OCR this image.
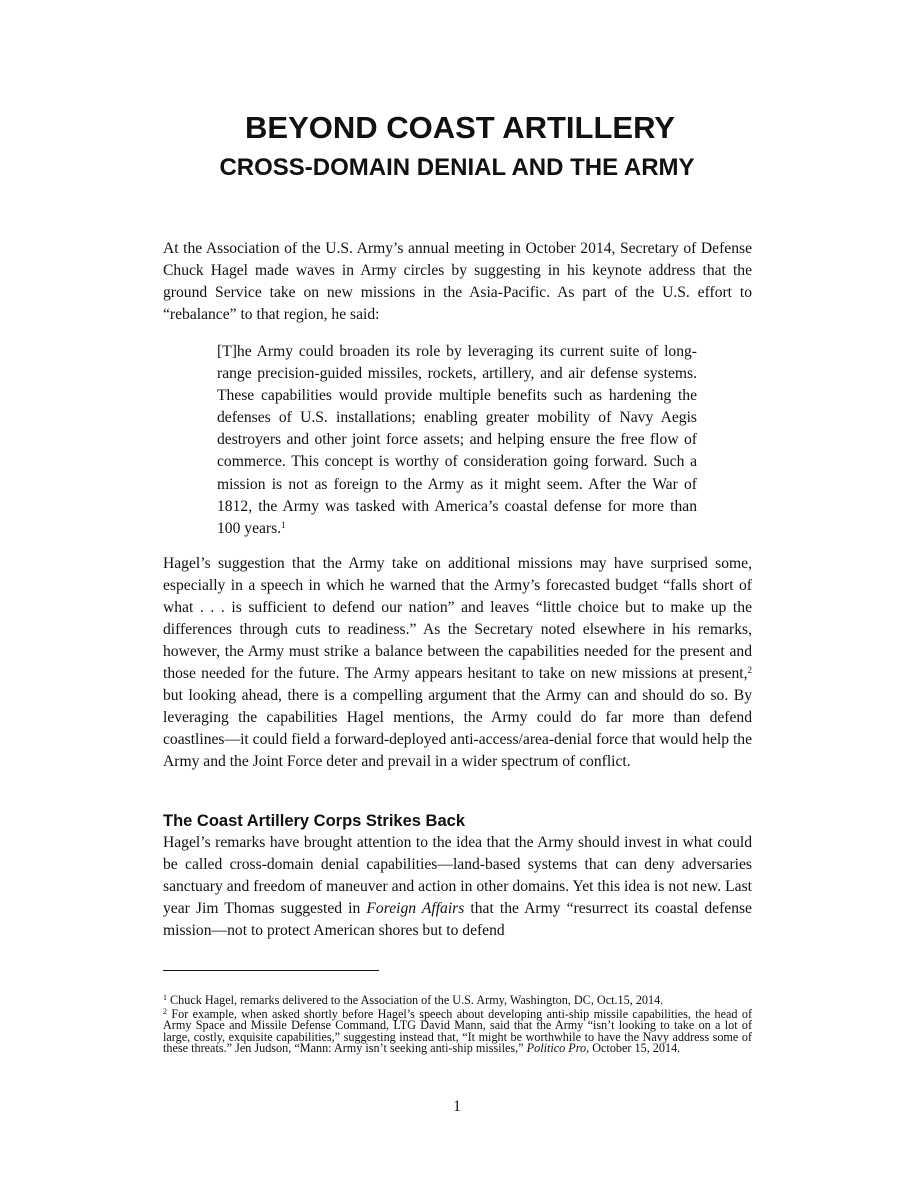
BEYOND COAST ARTILLERY
CROSS-DOMAIN DENIAL AND THE ARMY

At the Association of the U.S. Army’s annual meeting in October 2014, Secretary of Defense Chuck Hagel made waves in Army circles by suggesting in his keynote address that the ground Service take on new missions in the Asia-Pacific. As part of the U.S. effort to “rebalance” to that region, he said:

[T]he Army could broaden its role by leveraging its current suite of long-range precision-guided missiles, rockets, artillery, and air defense systems. These capabilities would provide multiple benefits such as hardening the defenses of U.S. installations; enabling greater mobility of Navy Aegis destroyers and other joint force assets; and helping ensure the free flow of commerce. This concept is worthy of consideration going forward. Such a mission is not as foreign to the Army as it might seem. After the War of 1812, the Army was tasked with America’s coastal defense for more than 100 years.$^1$

Hagel’s suggestion that the Army take on additional missions may have surprised some, especially in a speech in which he warned that the Army’s forecasted budget “falls short of what . . . is sufficient to defend our nation” and leaves “little choice but to make up the differences through cuts to readiness.” As the Secretary noted elsewhere in his remarks, however, the Army must strike a balance between the capabilities needed for the present and those needed for the future. The Army appears hesitant to take on new missions at present,$^2$ but looking ahead, there is a compelling argument that the Army can and should do so. By leveraging the capabilities Hagel mentions, the Army could do far more than defend coastlines—it could field a forward-deployed anti-access/area-denial force that would help the Army and the Joint Force deter and prevail in a wider spectrum of conflict.

The Coast Artillery Corps Strikes Back

Hagel’s remarks have brought attention to the idea that the Army should invest in what could be called cross-domain denial capabilities—land-based systems that can deny adversaries sanctuary and freedom of maneuver and action in other domains. Yet this idea is not new. Last year Jim Thomas suggested in Foreign Affairs that the Army “resurrect its coastal defense mission—not to protect American shores but to defend

$^1$ Chuck Hagel, remarks delivered to the Association of the U.S. Army, Washington, DC, Oct.15, 2014.

$^2$ For example, when asked shortly before Hagel’s speech about developing anti-ship missile capabilities, the head of Army Space and Missile Defense Command, LTG David Mann, said that the Army “isn’t looking to take on a lot of large, costly, exquisite capabilities,” suggesting instead that, “It might be worthwhile to have the Navy address some of these threats.” Jen Judson, “Mann: Army isn’t seeking anti-ship missiles,” Politico Pro, October 15, 2014.

1
